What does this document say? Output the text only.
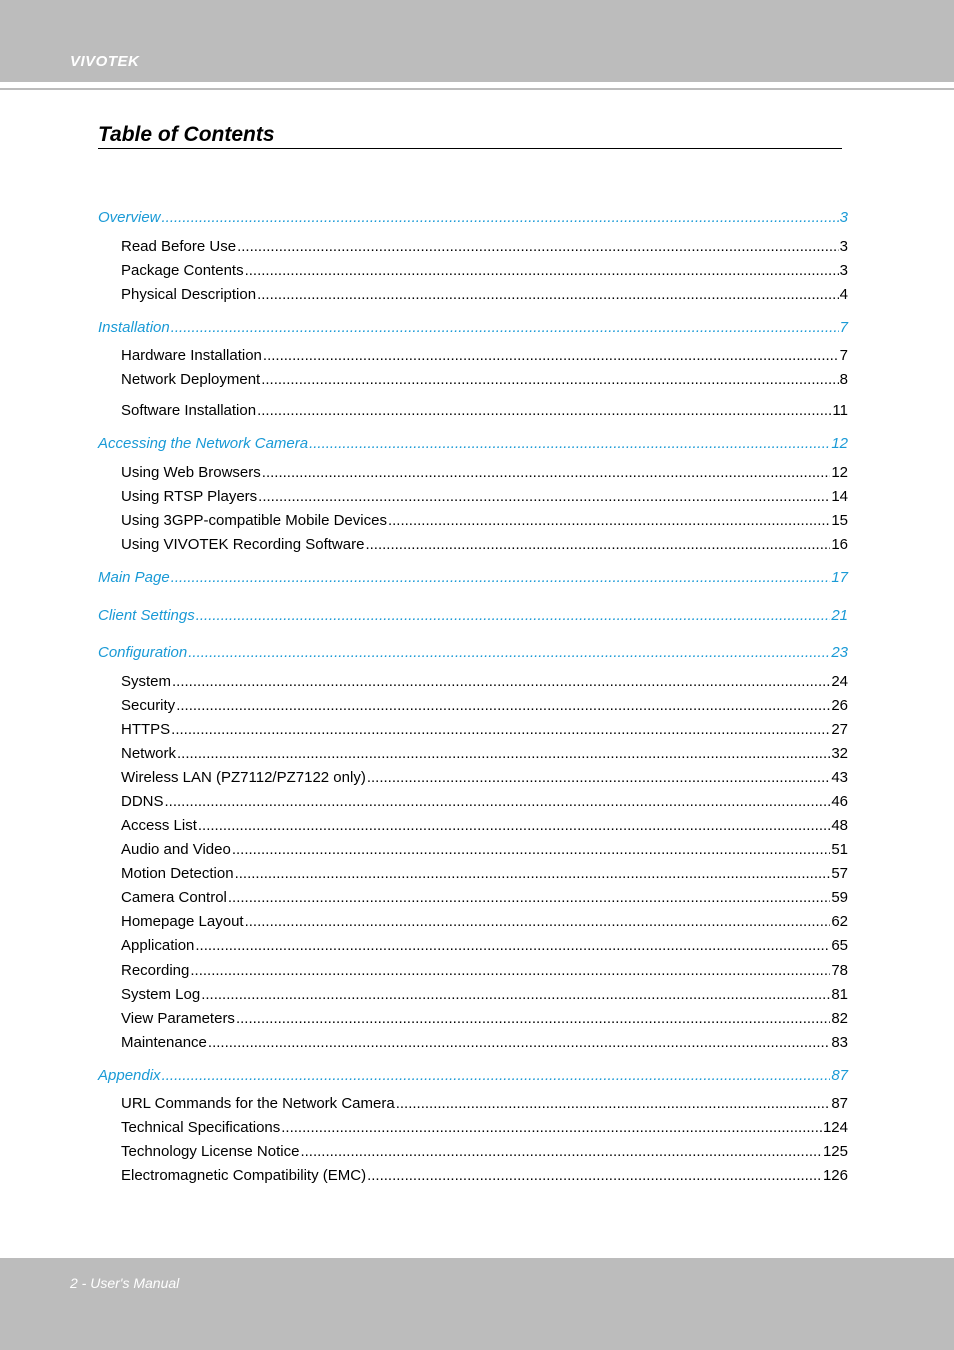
VIVOTEK
Table of Contents
Overview .....	3
Read Before Use .....	3
Package Contents .....	3
Physical Description .....	4
Installation .....	7
Hardware Installation .....	7
Network Deployment .....	8
Software Installation .....	11
Accessing the Network Camera .....	12
Using Web Browsers .....	12
Using RTSP Players .....	14
Using 3GPP-compatible Mobile Devices .....	15
Using VIVOTEK Recording Software .....	16
Main Page .....	17
Client Settings .....	21
Configuration .....	23
System .....	24
Security .....	26
HTTPS .....	27
Network .....	32
Wireless LAN (PZ7112/PZ7122 only) .....	43
DDNS .....	46
Access List .....	48
Audio and Video .....	51
Motion Detection .....	57
Camera Control .....	59
Homepage Layout .....	62
Application .....	65
Recording .....	78
System Log .....	81
View Parameters .....	82
Maintenance .....	83
Appendix .....	87
URL Commands for the Network Camera .....	87
Technical Specifications .....	124
Technology License Notice .....	125
Electromagnetic Compatibility (EMC) .....	126
2 - User's Manual
